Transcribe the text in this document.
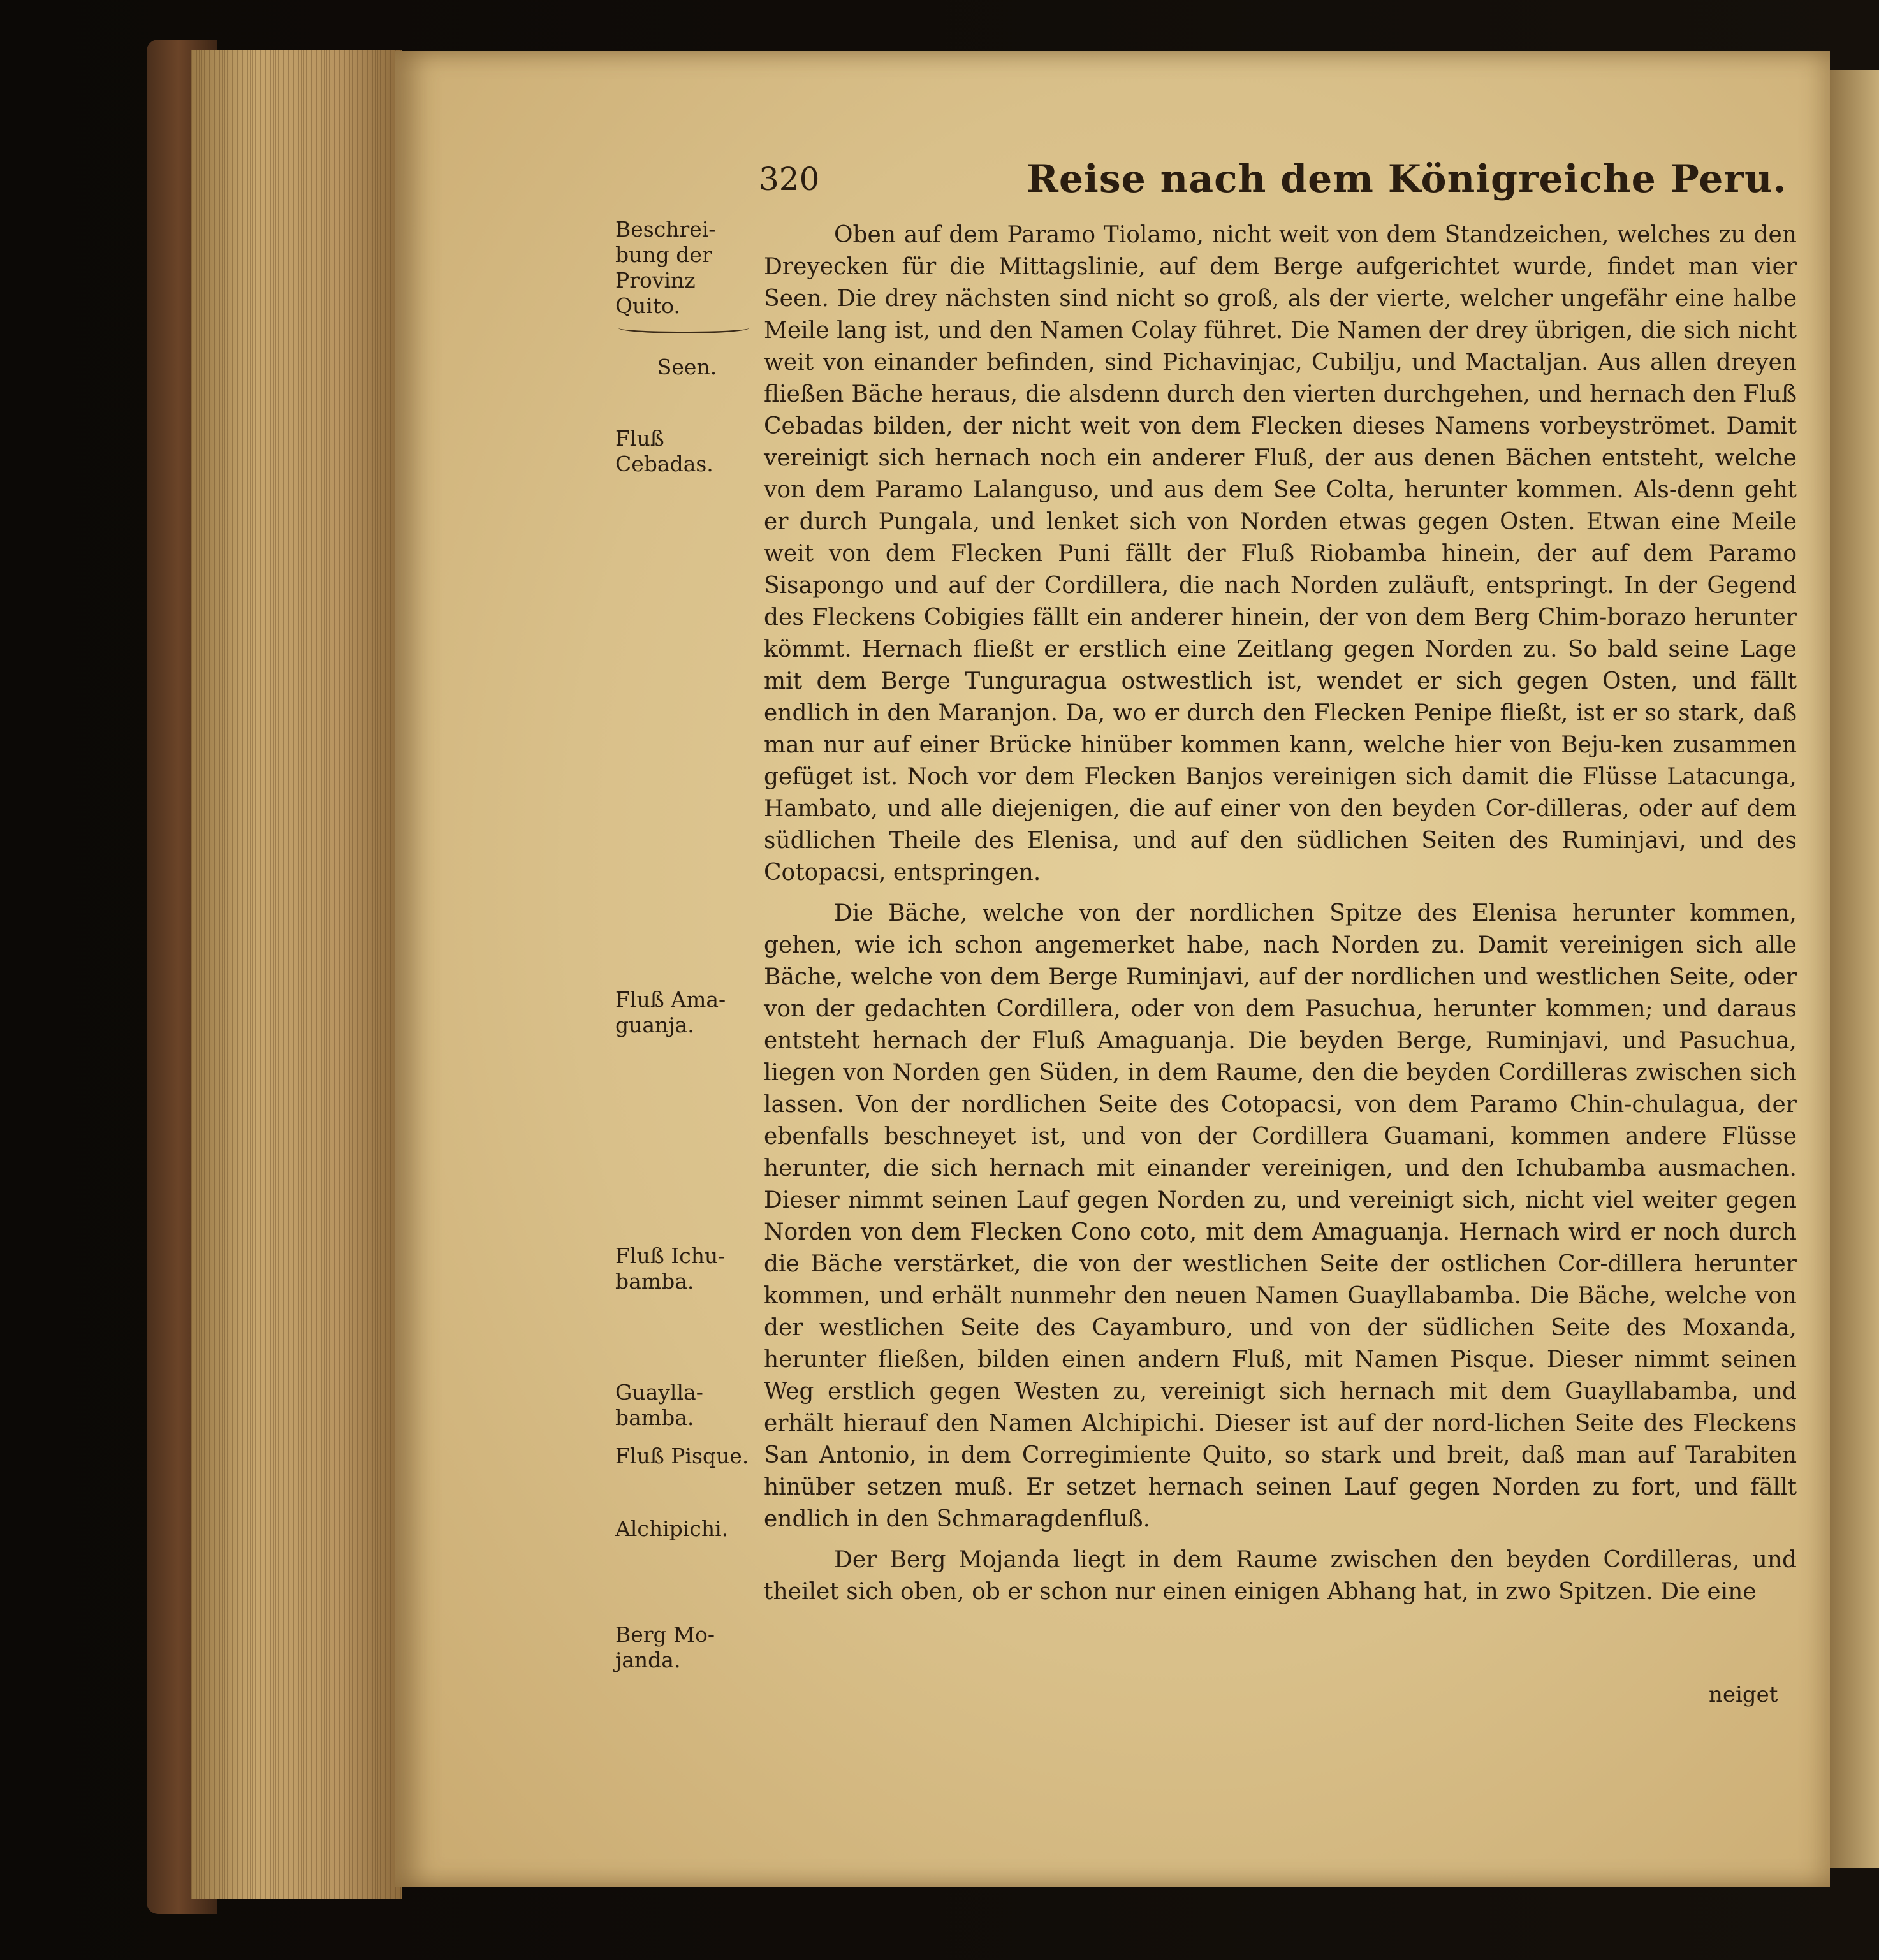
320	Reise nach dem Königreiche Peru.
Beschrei-bung der Provinz Quito.
Seen.
Fluß Cebadas.
Fluß Ama-guanja.
Fluß Ichu-bamba.
Guaylla-bamba.
Fluß Pisque.
Alchipichi.
Berg Mo-janda.

Oben auf dem Paramo Tiolamo, nicht weit von dem Standzeichen, welches zu den Dreyecken für die Mittagslinie, auf dem Berge aufgerichtet wurde, findet man vier Seen. Die drey nächsten sind nicht so groß, als der vierte, welcher ungefähr eine halbe Meile lang ist, und den Namen Colay führet. Die Namen der drey übrigen, die sich nicht weit von einander befinden, sind Pichavinjac, Cubilju, und Mactaljan. Aus allen dreyen fließen Bäche heraus, die alsdenn durch den vierten durchgehen, und hernach den Fluß Cebadas bilden, der nicht weit von dem Flecken dieses Namens vorbeyströmet. Damit vereinigt sich hernach noch ein anderer Fluß, der aus denen Bächen entsteht, welche von dem Paramo Lalanguso, und aus dem See Colta, herunter kommen. Als-denn geht er durch Pungala, und lenket sich von Norden etwas gegen Osten. Etwan eine Meile weit von dem Flecken Puni fällt der Fluß Riobamba hinein, der auf dem Paramo Sisapongo und auf der Cordillera, die nach Norden zuläuft, entspringt. In der Gegend des Fleckens Cobigies fällt ein anderer hinein, der von dem Berg Chim-borazo herunter kömmt. Hernach fließt er erstlich eine Zeitlang gegen Norden zu. So bald seine Lage mit dem Berge Tunguragua ostwestlich ist, wendet er sich gegen Osten, und fällt endlich in den Maranjon. Da, wo er durch den Flecken Penipe fließt, ist er so stark, daß man nur auf einer Brücke hinüber kommen kann, welche hier von Beju-ken zusammen gefüget ist. Noch vor dem Flecken Banjos vereinigen sich damit die Flüsse Latacunga, Hambato, und alle diejenigen, die auf einer von den beyden Cor-dilleras, oder auf dem südlichen Theile des Elenisa, und auf den südlichen Seiten des Ruminjavi, und des Cotopacsi, entspringen.

Die Bäche, welche von der nordlichen Spitze des Elenisa herunter kommen, gehen, wie ich schon angemerket habe, nach Norden zu. Damit vereinigen sich alle Bäche, welche von dem Berge Ruminjavi, auf der nordlichen und westlichen Seite, oder von der gedachten Cordillera, oder von dem Pasuchua, herunter kommen; und daraus entsteht hernach der Fluß Amaguanja. Die beyden Berge, Ruminjavi, und Pasuchua, liegen von Norden gen Süden, in dem Raume, den die beyden Cordilleras zwischen sich lassen. Von der nordlichen Seite des Cotopacsi, von dem Paramo Chin-chulagua, der ebenfalls beschneyet ist, und von der Cordillera Guamani, kommen andere Flüsse herunter, die sich hernach mit einander vereinigen, und den Ichubamba ausmachen. Dieser nimmt seinen Lauf gegen Norden zu, und vereinigt sich, nicht viel weiter gegen Norden von dem Flecken Cono coto, mit dem Amaguanja. Hernach wird er noch durch die Bäche verstärket, die von der westlichen Seite der ostlichen Cor-dillera herunter kommen, und erhält nunmehr den neuen Namen Guayllabamba. Die Bäche, welche von der westlichen Seite des Cayamburo, und von der südlichen Seite des Moxanda, herunter fließen, bilden einen andern Fluß, mit Namen Pisque. Dieser nimmt seinen Weg erstlich gegen Westen zu, vereinigt sich hernach mit dem Guayllabamba, und erhält hierauf den Namen Alchipichi. Dieser ist auf der nord-lichen Seite des Fleckens San Antonio, in dem Corregimiente Quito, so stark und breit, daß man auf Tarabiten hinüber setzen muß. Er setzet hernach seinen Lauf gegen Norden zu fort, und fällt endlich in den Schmaragdenfluß.

Der Berg Mojanda liegt in dem Raume zwischen den beyden Cordilleras, und theilet sich oben, ob er schon nur einen einigen Abhang hat, in zwo Spitzen. Die eine

neiget
